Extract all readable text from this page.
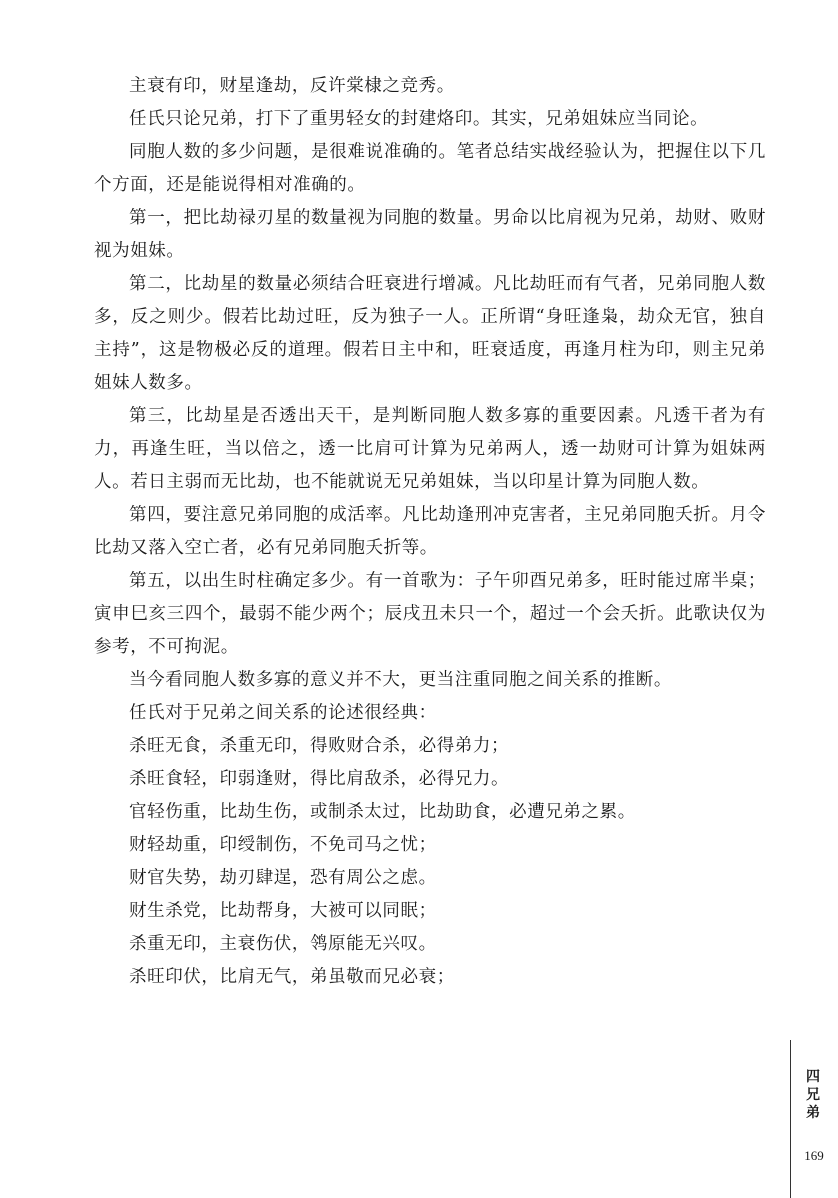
主衰有印，财星逢劫，反许棠棣之竞秀。

任氏只论兄弟，打下了重男轻女的封建烙印。其实，兄弟姐妹应当同论。

同胞人数的多少问题，是很难说准确的。笔者总结实战经验认为，把握住以下几个方面，还是能说得相对准确的。

第一，把比劫禄刃星的数量视为同胞的数量。男命以比肩视为兄弟，劫财、败财视为姐妹。

第二，比劫星的数量必须结合旺衰进行增减。凡比劫旺而有气者，兄弟同胞人数多，反之则少。假若比劫过旺，反为独子一人。正所谓“身旺逢枭，劫众无官，独自主持”，这是物极必反的道理。假若日主中和，旺衰适度，再逢月柱为印，则主兄弟姐妹人数多。

第三，比劫星是否透出天干，是判断同胞人数多寡的重要因素。凡透干者为有力，再逢生旺，当以倍之，透一比肩可计算为兄弟两人，透一劫财可计算为姐妹两人。若日主弱而无比劫，也不能就说无兄弟姐妹，当以印星计算为同胞人数。

第四，要注意兄弟同胞的成活率。凡比劫逢刑冲克害者，主兄弟同胞夭折。月令比劫又落入空亡者，必有兄弟同胞夭折等。

第五，以出生时柱确定多少。有一首歌为：子午卯酉兄弟多，旺时能过席半桌；寅申巳亥三四个，最弱不能少两个；辰戌丑未只一个，超过一个会夭折。此歌诀仅为参考，不可拘泥。

当今看同胞人数多寡的意义并不大，更当注重同胞之间关系的推断。

任氏对于兄弟之间关系的论述很经典：

杀旺无食，杀重无印，得败财合杀，必得弟力；

杀旺食轻，印弱逢财，得比肩敌杀，必得兄力。

官轻伤重，比劫生伤，或制杀太过，比劫助食，必遭兄弟之累。

财轻劫重，印绶制伤，不免司马之忧；

财官失势，劫刃肆逞，恐有周公之虑。

财生杀党，比劫帮身，大被可以同眠；

杀重无印，主衰伤伏，鸰原能无兴叹。

杀旺印伏，比肩无气，弟虽敬而兄必衰；

四
兄
弟
169
